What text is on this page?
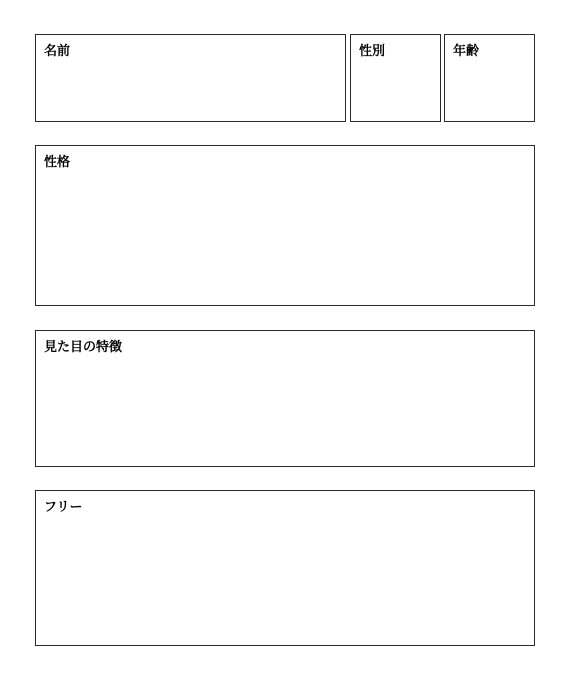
名前	性別	年齢
性格
見た目の特徴
フリー
